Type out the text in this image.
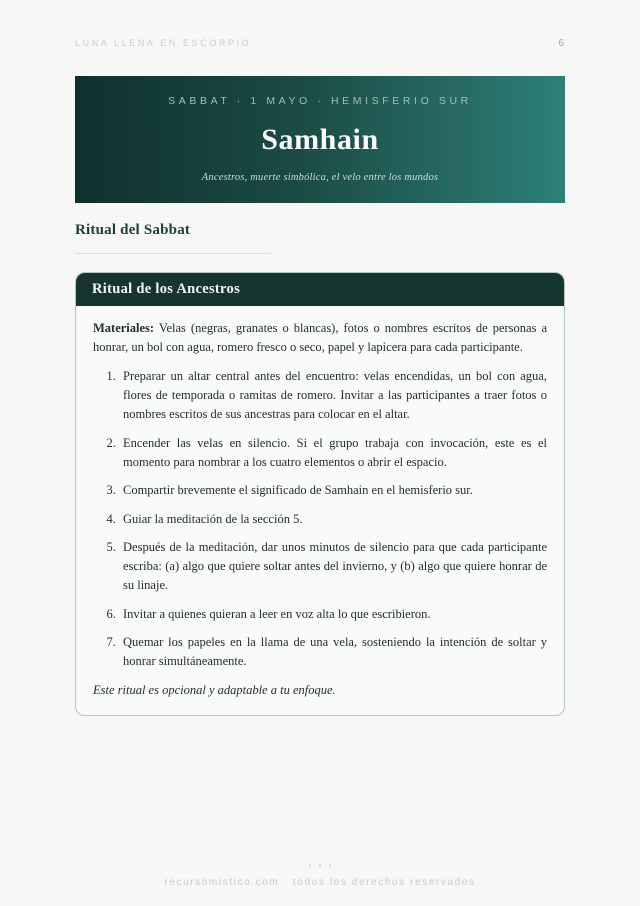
LUNA LLENA EN ESCORPIO	6
SABBAT · 1 MAYO · HEMISFERIO SUR
Samhain
Ancestros, muerte simbólica, el velo entre los mundos
Ritual del Sabbat
Ritual de los Ancestros

Materiales: Velas (negras, granates o blancas), fotos o nombres escritos de personas a honrar, un bol con agua, romero fresco o seco, papel y lapicera para cada participante.

1. Preparar un altar central antes del encuentro: velas encendidas, un bol con agua, flores de temporada o ramitas de romero. Invitar a las participantes a traer fotos o nombres escritos de sus ancestras para colocar en el altar.
2. Encender las velas en silencio. Si el grupo trabaja con invocación, este es el momento para nombrar a los cuatro elementos o abrir el espacio.
3. Compartir brevemente el significado de Samhain en el hemisferio sur.
4. Guiar la meditación de la sección 5.
5. Después de la meditación, dar unos minutos de silencio para que cada participante escriba: (a) algo que quiere soltar antes del invierno, y (b) algo que quiere honrar de su linaje.
6. Invitar a quienes quieran a leer en voz alta lo que escribieron.
7. Quemar los papeles en la llama de una vela, sosteniendo la intención de soltar y honrar simultáneamente.

Este ritual es opcional y adaptable a tu enfoque.

‹ • ›
recursomistico.com · todos los derechos reservados
